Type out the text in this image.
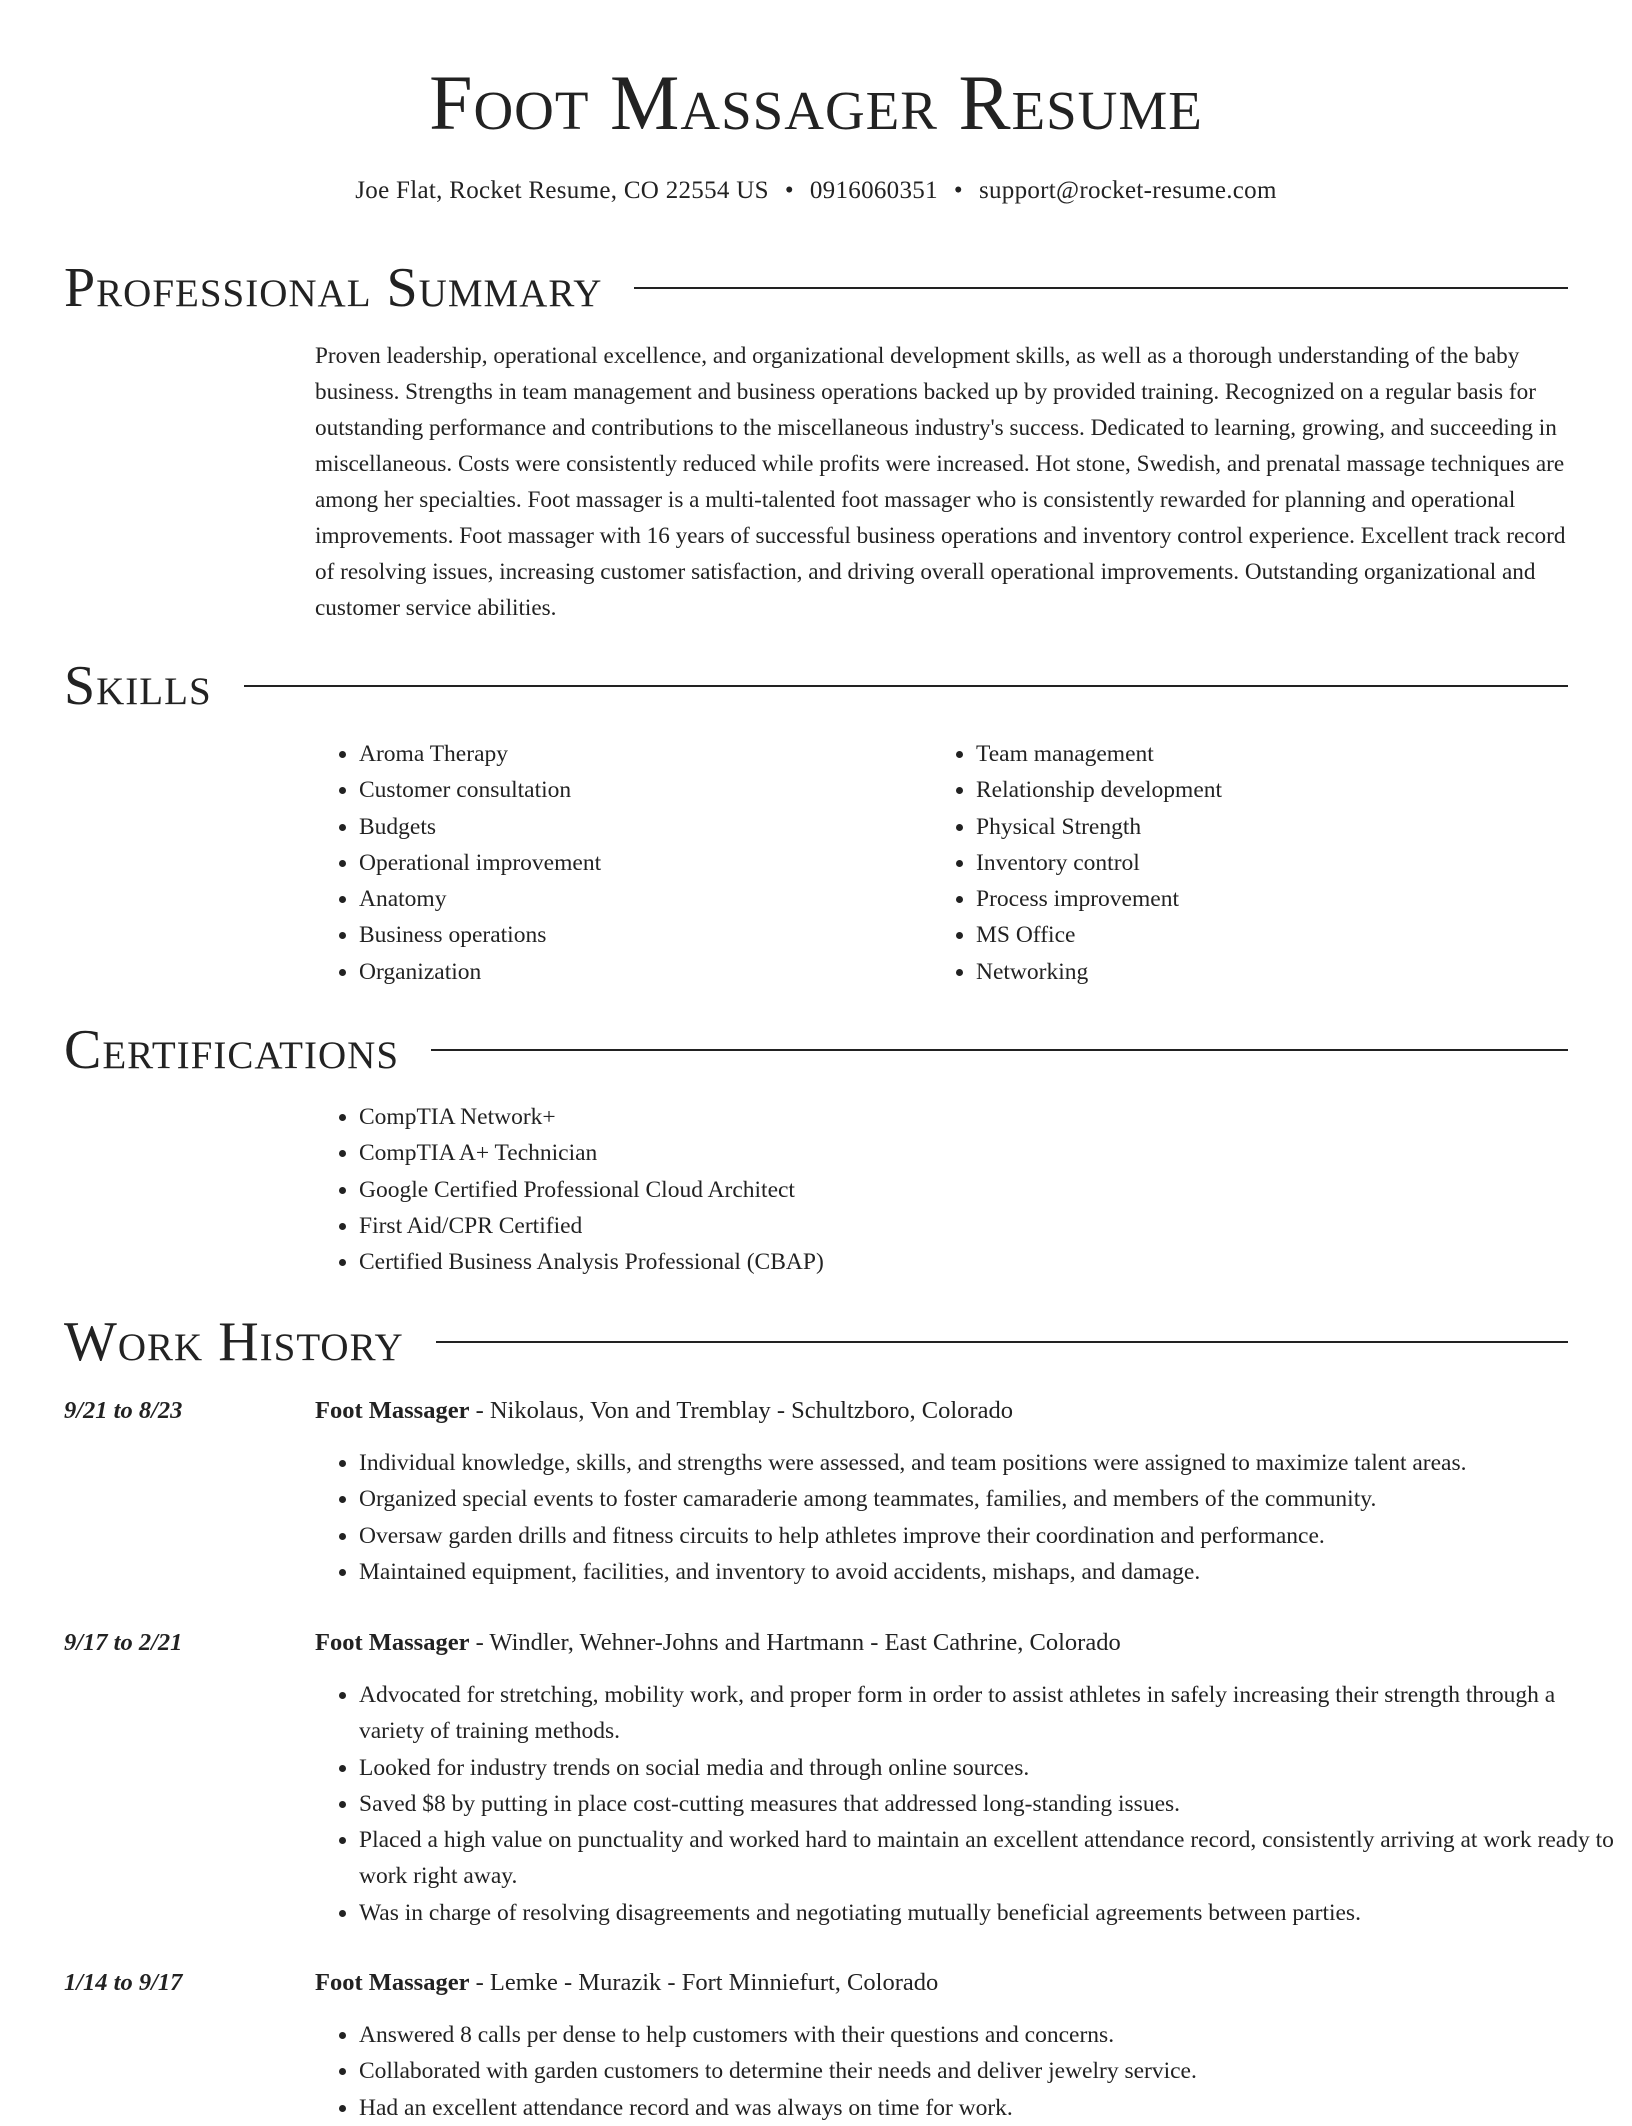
Foot Massager Resume
Joe Flat, Rocket Resume, CO 22554 US • 0916060351 • support@rocket-resume.com
Professional Summary

Proven leadership, operational excellence, and organizational development skills, as well as a thorough understanding of the baby business. Strengths in team management and business operations backed up by provided training. Recognized on a regular basis for outstanding performance and contributions to the miscellaneous industry's success. Dedicated to learning, growing, and succeeding in miscellaneous. Costs were consistently reduced while profits were increased. Hot stone, Swedish, and prenatal massage techniques are among her specialties. Foot massager is a multi-talented foot massager who is consistently rewarded for planning and operational improvements. Foot massager with 16 years of successful business operations and inventory control experience. Excellent track record of resolving issues, increasing customer satisfaction, and driving overall operational improvements. Outstanding organizational and customer service abilities.

Skills
• Aroma Therapy
• Customer consultation
• Budgets
• Operational improvement
• Anatomy
• Business operations
• Organization
• Team management
• Relationship development
• Physical Strength
• Inventory control
• Process improvement
• MS Office
• Networking
Certifications
• CompTIA Network+
• CompTIA A+ Technician
• Google Certified Professional Cloud Architect
• First Aid/CPR Certified
• Certified Business Analysis Professional (CBAP)
Work History
9/21 to 8/23	Foot Massager - Nikolaus, Von and Tremblay - Schultzboro, Colorado
• Individual knowledge, skills, and strengths were assessed, and team positions were assigned to maximize talent areas.
• Organized special events to foster camaraderie among teammates, families, and members of the community.
• Oversaw garden drills and fitness circuits to help athletes improve their coordination and performance.
• Maintained equipment, facilities, and inventory to avoid accidents, mishaps, and damage.
9/17 to 2/21	Foot Massager - Windler, Wehner-Johns and Hartmann - East Cathrine, Colorado
• Advocated for stretching, mobility work, and proper form in order to assist athletes in safely increasing their strength through a variety of training methods.
• Looked for industry trends on social media and through online sources.
• Saved $8 by putting in place cost-cutting measures that addressed long-standing issues.
• Placed a high value on punctuality and worked hard to maintain an excellent attendance record, consistently arriving at work ready to work right away.
• Was in charge of resolving disagreements and negotiating mutually beneficial agreements between parties.
1/14 to 9/17	Foot Massager - Lemke - Murazik - Fort Minniefurt, Colorado
• Answered 8 calls per dense to help customers with their questions and concerns.
• Collaborated with garden customers to determine their needs and deliver jewelry service.
• Had an excellent attendance record and was always on time for work.
